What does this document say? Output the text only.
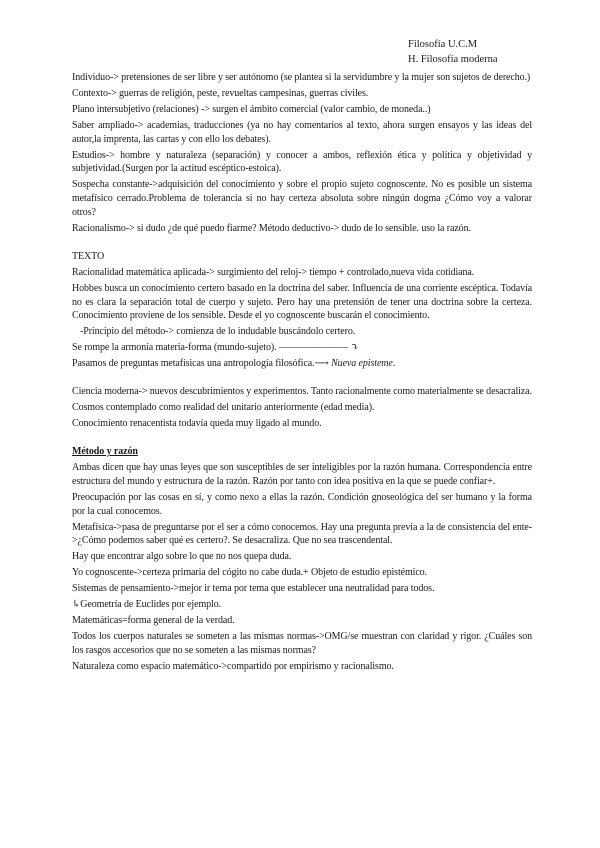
Filosofía U.C.M
H. Filosofía moderna

Individuo-> pretensiones de ser libre y ser autónomo (se plantea si la servidumbre y la mujer son sujetos de derecho.)

Contexto-> guerras de religión, peste, revueltas campesinas, guerras civiles.

Plano intersubjetivo (relaciones) -> surgen el ámbito comercial (valor cambio, de moneda..)

Saber ampliado-> academias, traducciones (ya no hay comentarios al texto, ahora surgen ensayos y las ideas del autor,la imprenta, las cartas y con ello los debates).

Estudios-> hombre y naturaleza (separación) y conocer a ambos, reflexión ética y política y objetividad y subjetividad.(Surgen por la actitud escéptico-estoica).

Sospecha constante->adquisición del conocimiento y sobre el propio sujeto cognoscente. No es posible un sistema metafísico cerrado.Problema de tolerancia si no hay certeza absoluta sobre ningún dogma ¿Cómo voy a valorar otros?

Racionalismo-> si dudo ¿de qué puedo fiarme? Método deductivo-> dudo de lo sensible. uso la razón.

TEXTO

Racionalidad matemática aplicada-> surgimiento del reloj-> tiempo + controlado,nueva vida cotidiana.

Hobbes busca un conocimiento certero basado en la doctrina del saber. Influencia de una corriente escéptica. Todavía no es clara la separación total de cuerpo y sujeto. Pero hay una pretensión de tener una doctrina sobre la certeza. Conocimiento proviene de los sensible. Desde el yo cognoscente buscarán el conocimiento.

-Principio del método-> comienza de lo indudable buscándolo certero.

Se rompe la armonía materia-forma (mundo-sujeto). ——————— ⤵

Pasamos de preguntas metafísicas una antropología filosófica.⟶ Nueva episteme.

Ciencia moderna-> nuevos descubrimientos y experimentos. Tanto racionalmente como materialmente se desacraliza.

Cosmos contemplado como realidad del unitario anteriormente (edad media).

Conocimiento renacentista todavía queda muy ligado al mundo.

Método y razón

Ambas dicen que hay unas leyes que son susceptibles de ser inteligibles por la razón humana. Correspondencia entre estructura del mundo y estructura de la razón. Razón por tanto con idea positiva en la que se puede confiar+.

Preocupación por las cosas en sí, y como nexo a ellas la razón. Condición gnoseológica del ser humano y la forma por la cual conocemos.

Metafísica->pasa de preguntarse por el ser a cómo conocemos. Hay una pregunta previa a la de consistencia del ente->¿Cómo podemos saber qué es certero?. Se desacraliza. Que no sea trascendental.

Hay que encontrar algo sobre lo que no nos quepa duda.

Yo cognoscente->certeza primaria del cógito no cabe duda.+ Objeto de estudio epistémico.

Sistemas de pensamiento->mejor ir tema por tema que establecer una neutralidad para todos.

↳Geometría de Euclides por ejemplo.

Matemáticas=forma general de la verdad.

Todos los cuerpos naturales se someten a las mismas normas->OMG/se muestran con claridad y rigor. ¿Cuáles son los rasgos accesorios que no se someten a las mismas normas?

Naturaleza como espacio matemático->compartido por empirismo y racionalismo.
